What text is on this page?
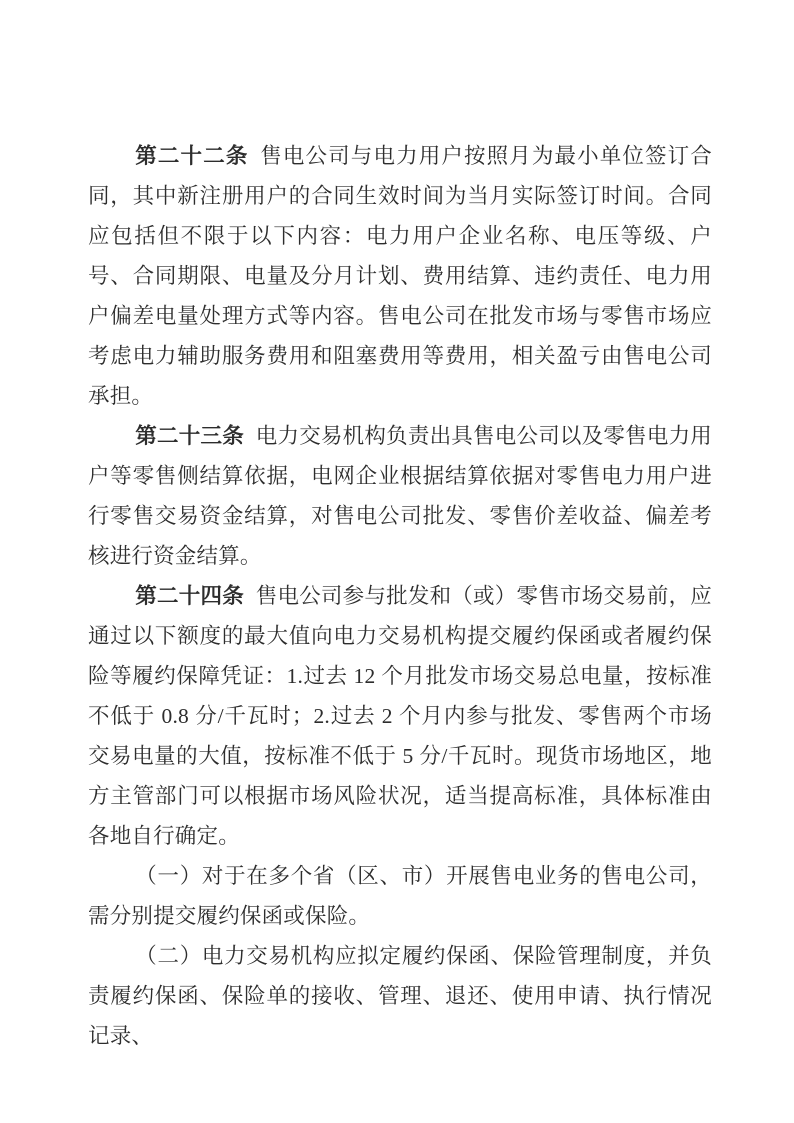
第二十二条 售电公司与电力用户按照月为最小单位签订合同，其中新注册用户的合同生效时间为当月实际签订时间。合同应包括但不限于以下内容：电力用户企业名称、电压等级、户号、合同期限、电量及分月计划、费用结算、违约责任、电力用户偏差电量处理方式等内容。售电公司在批发市场与零售市场应考虑电力辅助服务费用和阻塞费用等费用，相关盈亏由售电公司承担。

第二十三条 电力交易机构负责出具售电公司以及零售电力用户等零售侧结算依据，电网企业根据结算依据对零售电力用户进行零售交易资金结算，对售电公司批发、零售价差收益、偏差考核进行资金结算。

第二十四条 售电公司参与批发和（或）零售市场交易前，应通过以下额度的最大值向电力交易机构提交履约保函或者履约保险等履约保障凭证：1.过去 12 个月批发市场交易总电量，按标准不低于 0.8 分/千瓦时；2.过去 2 个月内参与批发、零售两个市场交易电量的大值，按标准不低于 5 分/千瓦时。现货市场地区，地方主管部门可以根据市场风险状况，适当提高标准，具体标准由各地自行确定。

（一）对于在多个省（区、市）开展售电业务的售电公司，需分别提交履约保函或保险。

（二）电力交易机构应拟定履约保函、保险管理制度，并负责履约保函、保险单的接收、管理、退还、使用申请、执行情况记录、
